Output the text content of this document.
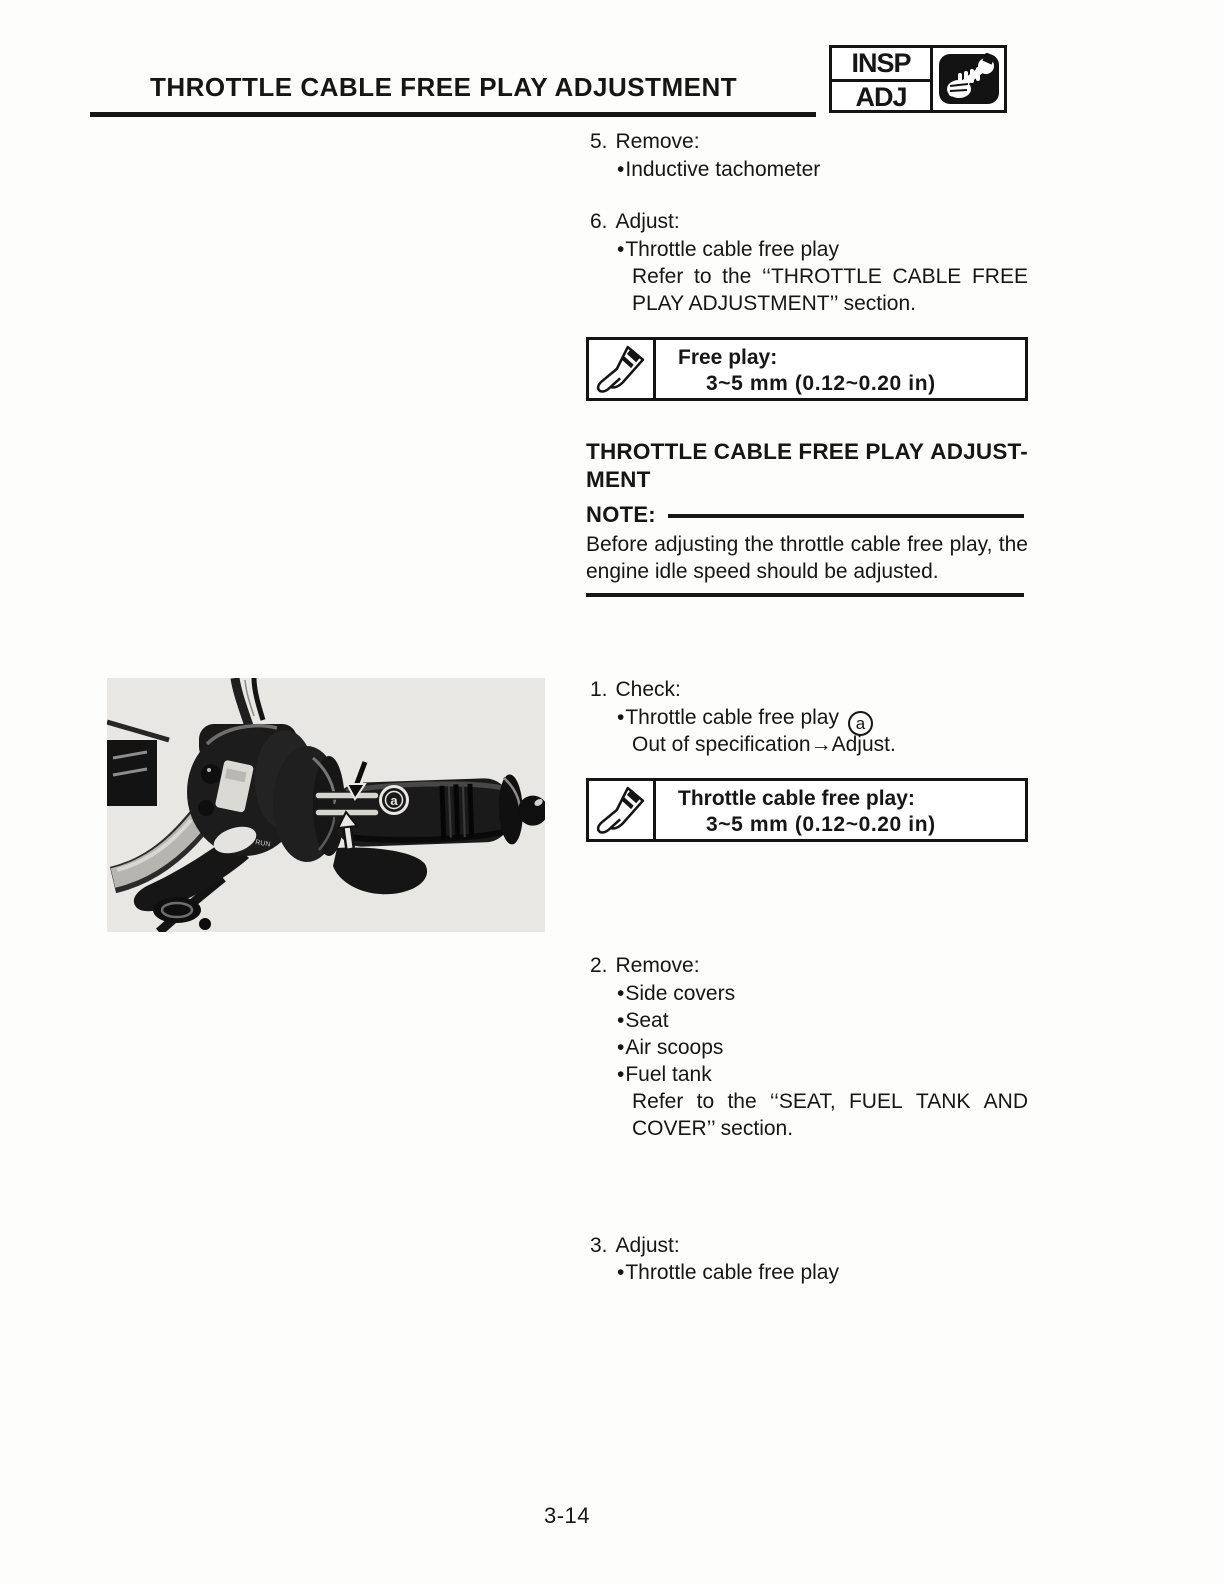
THROTTLE CABLE FREE PLAY ADJUSTMENT
INSP
ADJ
5. Remove:
•Inductive tachometer
6. Adjust:
•Throttle cable free play
Refer to the ‘‘THROTTLE CABLE FREE
PLAY ADJUSTMENT’’ section.
Free play:
3~5 mm (0.12~0.20 in)
THROTTLE CABLE FREE PLAY ADJUST-
MENT
NOTE:
Before adjusting the throttle cable free play, the
engine idle speed should be adjusted.
RUN
a
1. Check:
•Throttle cable free play a
Out of specification→Adjust.
Throttle cable free play:
3~5 mm (0.12~0.20 in)
2. Remove:
•Side covers
•Seat
•Air scoops
•Fuel tank
Refer to the ‘‘SEAT, FUEL TANK AND
COVER’’ section.
3. Adjust:
•Throttle cable free play
3-14
